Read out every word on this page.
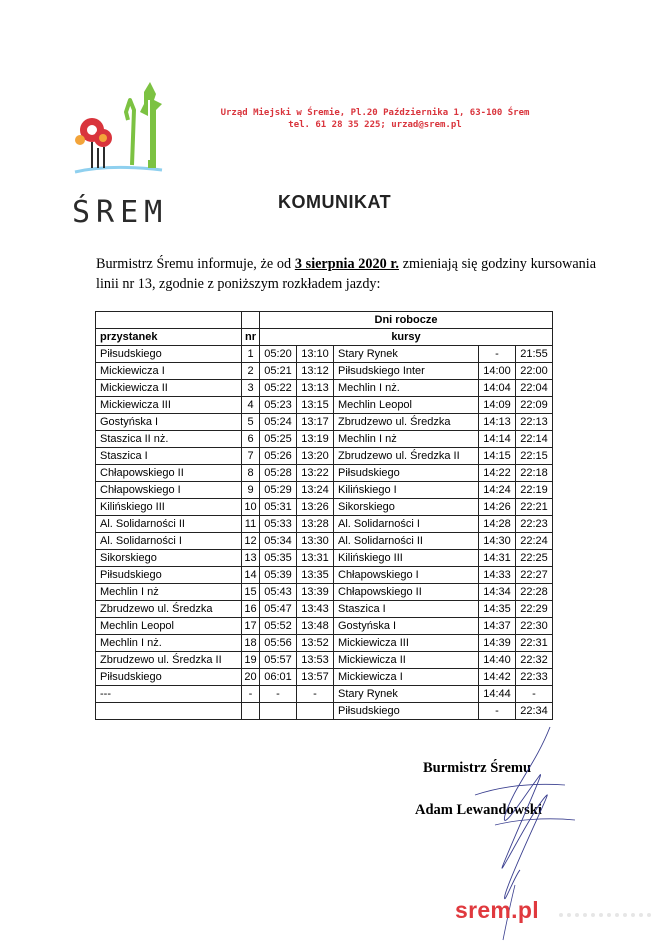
ŚREM
Urząd Miejski w Śremie, Pl.20 Października 1, 63-100 Śrem
tel. 61 28 35 225; urzad@srem.pl
KOMUNIKAT
Burmistrz Śremu informuje, że od 3 sierpnia 2020 r. zmieniają się godziny kursowania linii nr 13, zgodnie z poniższym rozkładem jazdy:
		Dni robocze				
przystanek	nr	kursy				
Piłsudskiego	1	05:20	13:10	Stary Rynek	-	21:55
Mickiewicza I	2	05:21	13:12	Piłsudskiego Inter	14:00	22:00
Mickiewicza II	3	05:22	13:13	Mechlin I nż.	14:04	22:04
Mickiewicza III	4	05:23	13:15	Mechlin Leopol	14:09	22:09
Gostyńska I	5	05:24	13:17	Zbrudzewo ul. Średzka	14:13	22:13
Staszica II nż.	6	05:25	13:19	Mechlin I nż	14:14	22:14
Staszica I	7	05:26	13:20	Zbrudzewo ul. Średzka II	14:15	22:15
Chłapowskiego II	8	05:28	13:22	Piłsudskiego	14:22	22:18
Chłapowskiego I	9	05:29	13:24	Kilińskiego I	14:24	22:19
Kilińskiego III	10	05:31	13:26	Sikorskiego	14:26	22:21
Al. Solidarności II	11	05:33	13:28	Al. Solidarności I	14:28	22:23
Al. Solidarności I	12	05:34	13:30	Al. Solidarności II	14:30	22:24
Sikorskiego	13	05:35	13:31	Kilińskiego III	14:31	22:25
Piłsudskiego	14	05:39	13:35	Chłapowskiego I	14:33	22:27
Mechlin I nż	15	05:43	13:39	Chłapowskiego II	14:34	22:28
Zbrudzewo ul. Średzka	16	05:47	13:43	Staszica I	14:35	22:29
Mechlin Leopol	17	05:52	13:48	Gostyńska I	14:37	22:30
Mechlin I nż.	18	05:56	13:52	Mickiewicza III	14:39	22:31
Zbrudzewo ul. Średzka II	19	05:57	13:53	Mickiewicza II	14:40	22:32
Piłsudskiego	20	06:01	13:57	Mickiewicza I	14:42	22:33
---	-	-	-	Stary Rynek	14:44	-
				Piłsudskiego	-	22:34
Burmistrz Śremu
Adam Lewandowski
srem.pl
